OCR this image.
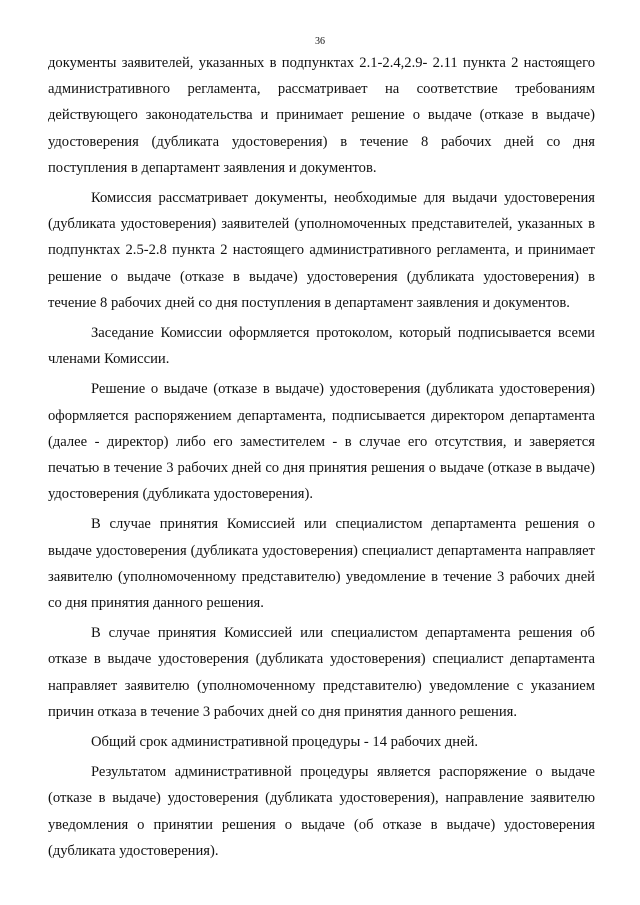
36

документы заявителей, указанных в подпунктах 2.1-2.4,2.9- 2.11 пункта 2 настоящего административного регламента, рассматривает на соответствие требованиям действующего законодательства и принимает решение о выдаче (отказе в выдаче) удостоверения (дубликата удостоверения) в течение 8 рабочих дней со дня поступления в департамент заявления и документов.

Комиссия рассматривает документы, необходимые для выдачи удостоверения (дубликата удостоверения) заявителей (уполномоченных представителей, указанных в подпунктах 2.5-2.8 пункта 2 настоящего административного регламента, и принимает решение о выдаче (отказе в выдаче) удостоверения (дубликата удостоверения) в течение 8 рабочих дней со дня поступления в департамент заявления и документов.

Заседание Комиссии оформляется протоколом, который подписывается всеми членами Комиссии.

Решение о выдаче (отказе в выдаче) удостоверения (дубликата удостоверения) оформляется распоряжением департамента, подписывается директором департамента (далее - директор) либо его заместителем - в случае его отсутствия, и заверяется печатью в течение 3 рабочих дней со дня принятия решения о выдаче (отказе в выдаче) удостоверения (дубликата удостоверения).

В случае принятия Комиссией или специалистом департамента решения о выдаче удостоверения (дубликата удостоверения) специалист департамента направляет заявителю (уполномоченному представителю) уведомление в течение 3 рабочих дней со дня принятия данного решения.

В случае принятия Комиссией или специалистом департамента решения об отказе в выдаче удостоверения (дубликата удостоверения) специалист департамента направляет заявителю (уполномоченному представителю) уведомление с указанием причин отказа в течение 3 рабочих дней со дня принятия данного решения.

Общий срок административной процедуры - 14 рабочих дней.

Результатом административной процедуры является распоряжение о выдаче (отказе в выдаче) удостоверения (дубликата удостоверения), направление заявителю уведомления о принятии решения о выдаче (об отказе в выдаче) удостоверения (дубликата удостоверения).
